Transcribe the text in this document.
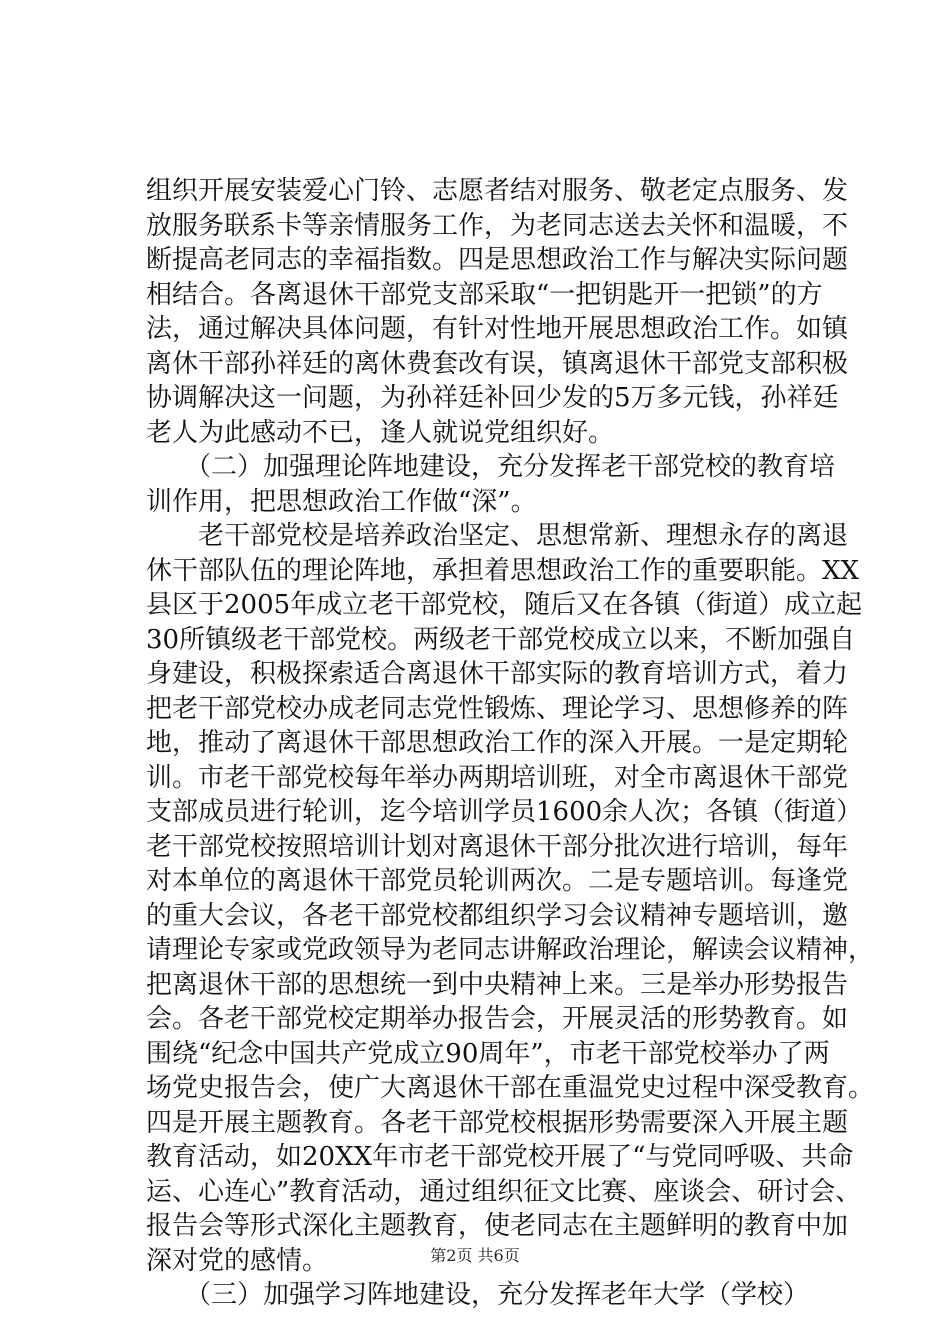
组织开展安装爱心门铃、志愿者结对服务、敬老定点服务、发
放服务联系卡等亲情服务工作，为老同志送去关怀和温暖，不
断提高老同志的幸福指数。四是思想政治工作与解决实际问题
相结合。各离退休干部党支部采取“一把钥匙开一把锁”的方
法，通过解决具体问题，有针对性地开展思想政治工作。如镇
离休干部孙祥廷的离休费套改有误，镇离退休干部党支部积极
协调解决这一问题，为孙祥廷补回少发的5万多元钱，孙祥廷
老人为此感动不已，逢人就说党组织好。
　　（二）加强理论阵地建设，充分发挥老干部党校的教育培
训作用，把思想政治工作做“深”。
　　老干部党校是培养政治坚定、思想常新、理想永存的离退
休干部队伍的理论阵地，承担着思想政治工作的重要职能。XX
县区于2005年成立老干部党校，随后又在各镇（街道）成立起
30所镇级老干部党校。两级老干部党校成立以来，不断加强自
身建设，积极探索适合离退休干部实际的教育培训方式，着力
把老干部党校办成老同志党性锻炼、理论学习、思想修养的阵
地，推动了离退休干部思想政治工作的深入开展。一是定期轮
训。市老干部党校每年举办两期培训班，对全市离退休干部党
支部成员进行轮训，迄今培训学员1600余人次；各镇（街道）
老干部党校按照培训计划对离退休干部分批次进行培训，每年
对本单位的离退休干部党员轮训两次。二是专题培训。每逢党
的重大会议，各老干部党校都组织学习会议精神专题培训，邀
请理论专家或党政领导为老同志讲解政治理论，解读会议精神，
把离退休干部的思想统一到中央精神上来。三是举办形势报告
会。各老干部党校定期举办报告会，开展灵活的形势教育。如
围绕“纪念中国共产党成立90周年”，市老干部党校举办了两
场党史报告会，使广大离退休干部在重温党史过程中深受教育。
四是开展主题教育。各老干部党校根据形势需要深入开展主题
教育活动，如20XX年市老干部党校开展了“与党同呼吸、共命
运、心连心”教育活动，通过组织征文比赛、座谈会、研讨会、
报告会等形式深化主题教育，使老同志在主题鲜明的教育中加
深对党的感情。
　　（三）加强学习阵地建设，充分发挥老年大学（学校）
第2页 共6页
